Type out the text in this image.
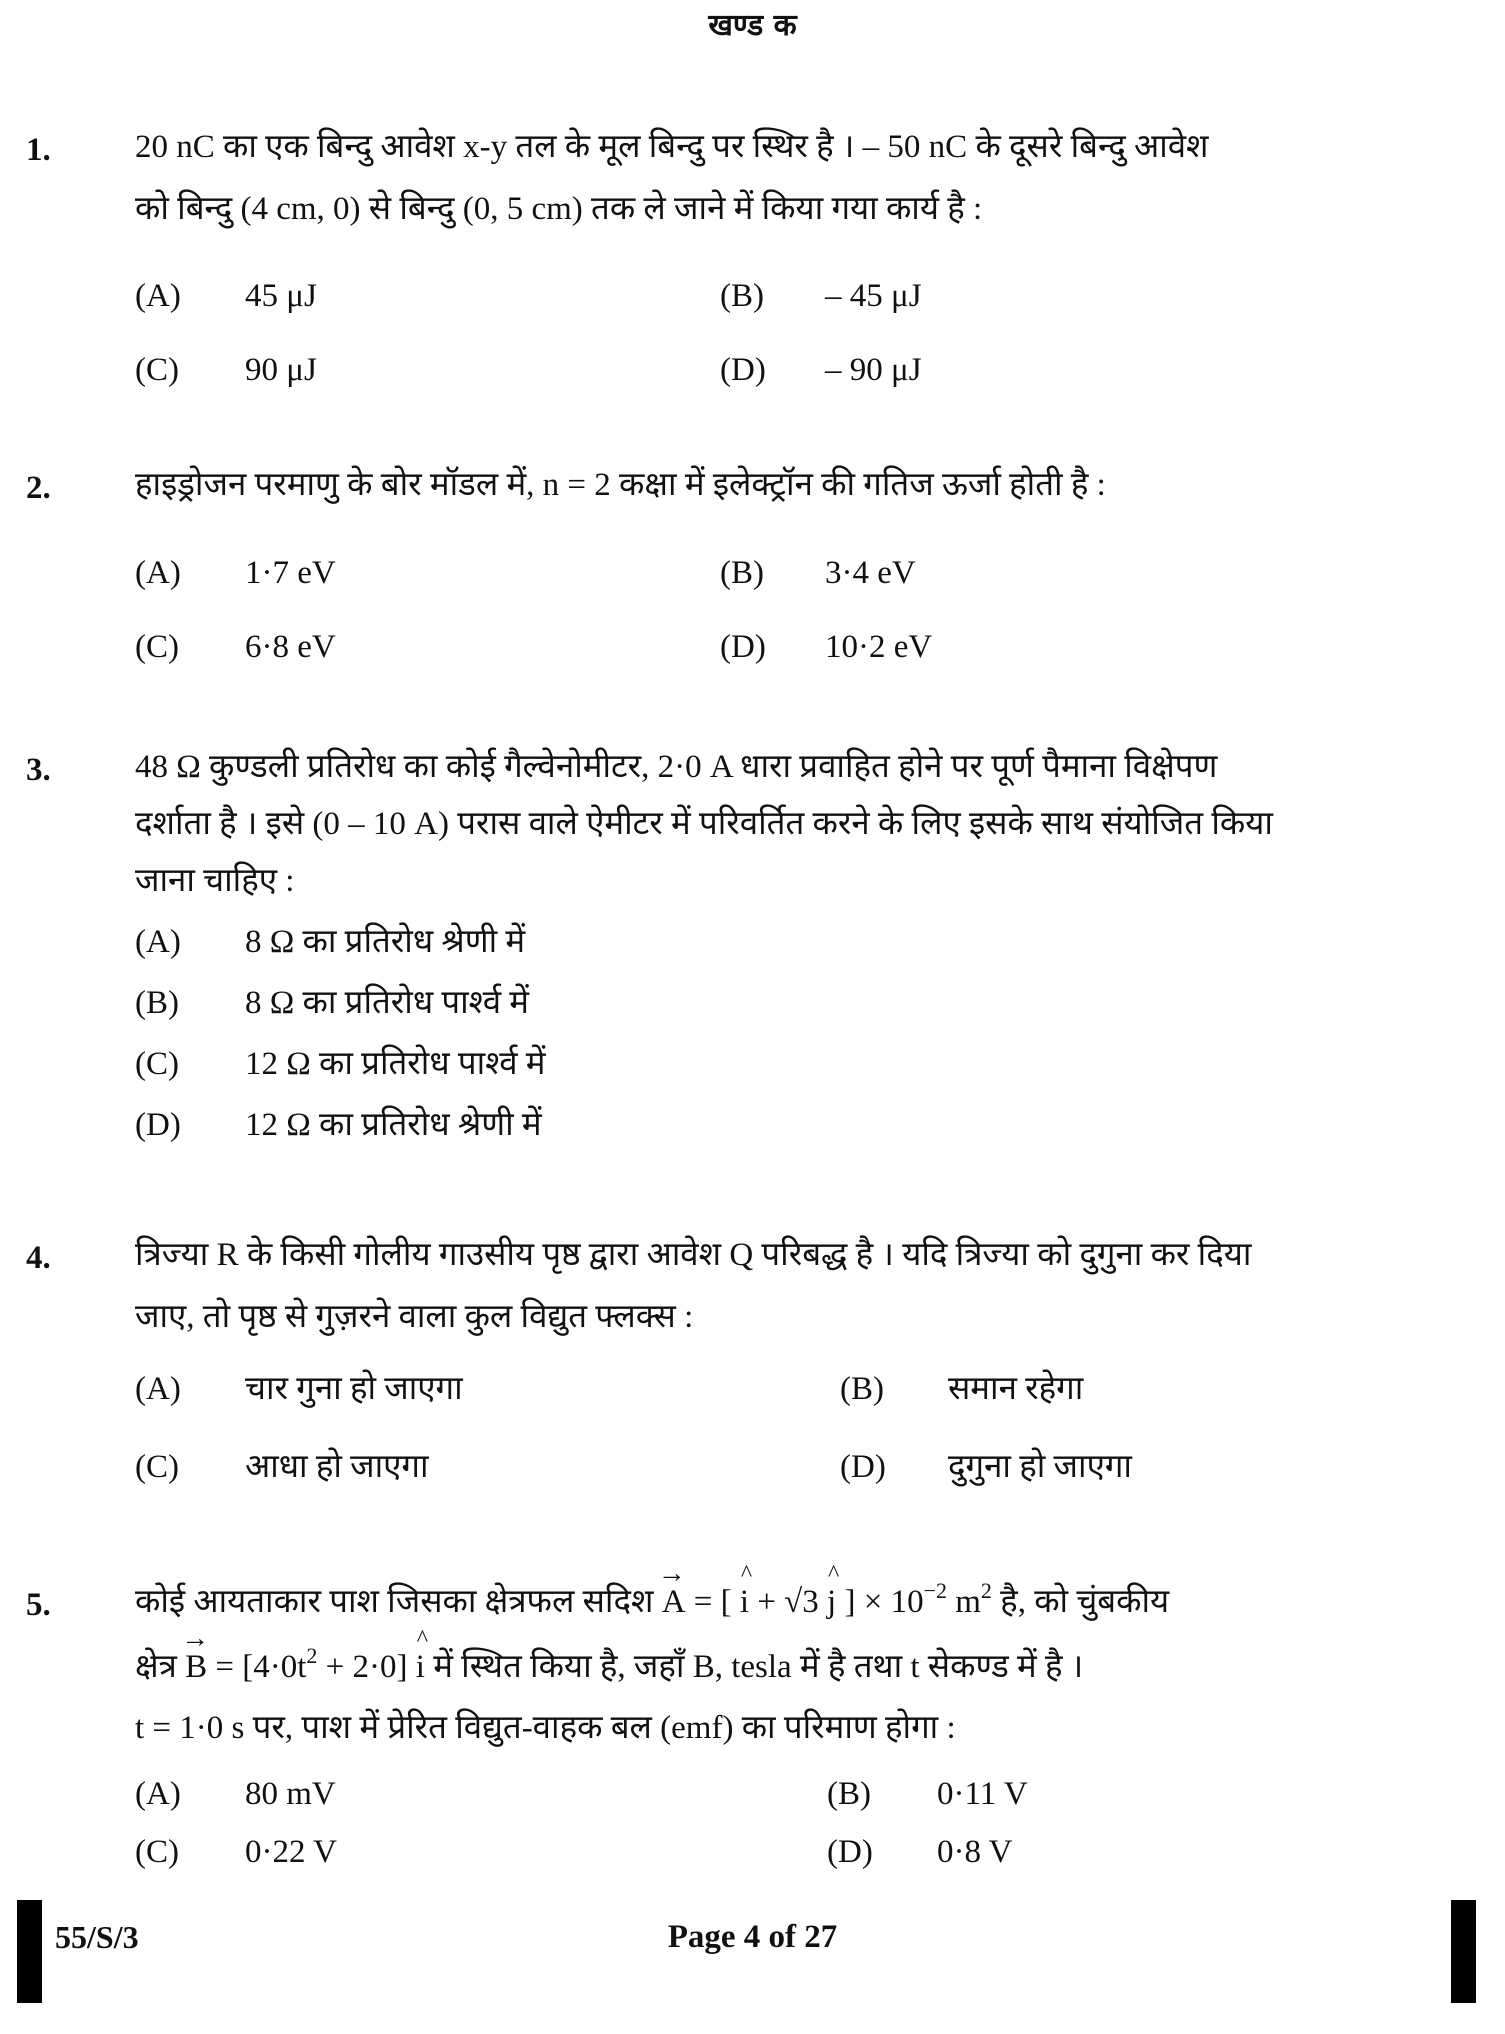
खण्ड क
1.	20 nC का एक बिन्दु आवेश x-y तल के मूल बिन्दु पर स्थिर है । – 50 nC के दूसरे बिन्दु आवेश
को बिन्दु (4 cm, 0) से बिन्दु (0, 5 cm) तक ले जाने में किया गया कार्य है :
(A) 45 μJ	(B) – 45 μJ
(C) 90 μJ	(D) – 90 μJ
2.	हाइड्रोजन परमाणु के बोर मॉडल में, n = 2 कक्षा में इलेक्ट्रॉन की गतिज ऊर्जा होती है :
(A) 1·7 eV	(B) 3·4 eV
(C) 6·8 eV	(D) 10·2 eV
3.	48 Ω कुण्डली प्रतिरोध का कोई गैल्वेनोमीटर, 2·0 A धारा प्रवाहित होने पर पूर्ण पैमाना विक्षेपण
दर्शाता है । इसे (0 – 10 A) परास वाले ऐमीटर में परिवर्तित करने के लिए इसके साथ संयोजित किया
जाना चाहिए :
(A) 8 Ω का प्रतिरोध श्रेणी में
(B) 8 Ω का प्रतिरोध पार्श्व में
(C) 12 Ω का प्रतिरोध पार्श्व में
(D) 12 Ω का प्रतिरोध श्रेणी में
4.	त्रिज्या R के किसी गोलीय गाउसीय पृष्ठ द्वारा आवेश Q परिबद्ध है । यदि त्रिज्या को दुगुना कर दिया
जाए, तो पृष्ठ से गुज़रने वाला कुल विद्युत फ्लक्स :
(A) चार गुना हो जाएगा	(B) समान रहेगा
(C) आधा हो जाएगा	(D) दुगुना हो जाएगा
5.	कोई आयताकार पाश जिसका क्षेत्रफल सदिश
→
A = [
^
i + √3
^
j ] × $10^{-2}$ $m^2$ है, को चुंबकीय
क्षेत्र
→
$B = [4\cdot 0t^2 + 2\cdot 0]$
^
i में स्थित किया है, जहाँ B, tesla में है तथा t सेकण्ड में है ।
t = 1·0 s पर, पाश में प्रेरित विद्युत-वाहक बल (emf) का परिमाण होगा :
(A) 80 mV	(B) 0·11 V
(C) 0·22 V	(D) 0·8 V
55/S/3	Page 4 of 27
